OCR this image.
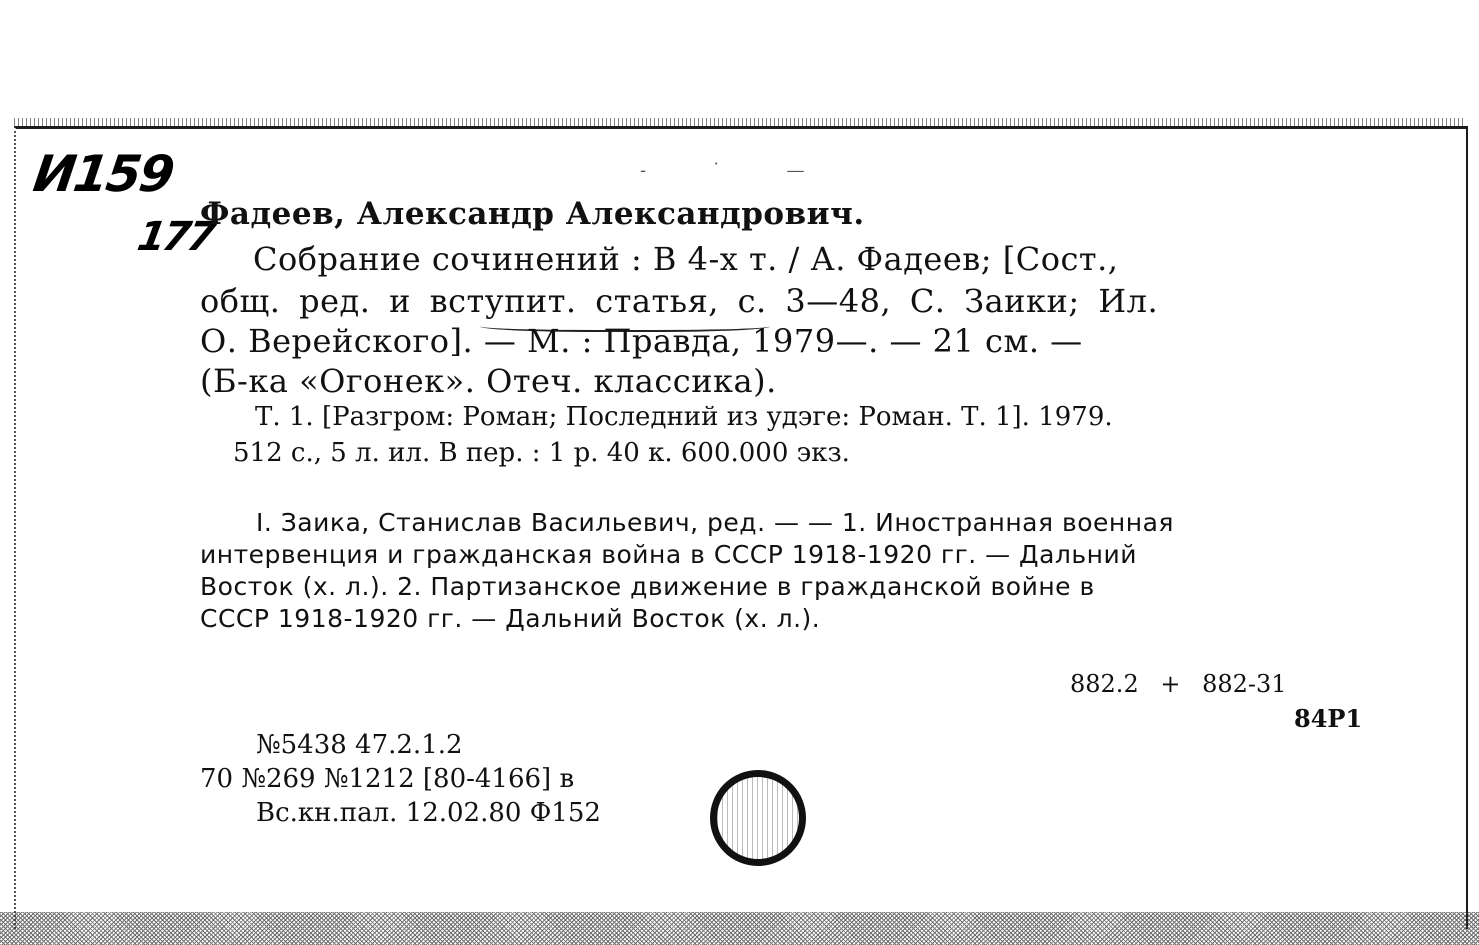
И159
177
- ˙ —
Фадеев, Александр Александрович.
Собрание сочинений : В 4-х т. / А. Фадеев; [Сост.,
общ. ред. и вступит. статья, с. 3—48, С. Заики; Ил.
О. Верейского]. — М. : Правда, 1979—. — 21 см. —
(Б-ка «Огонек». Отеч. классика).
Т. 1. [Разгром: Роман; Последний из удэге: Роман. Т. 1]. 1979.
512 с., 5 л. ил. В пер. : 1 р. 40 к. 600.000 экз.
I. Заика, Станислав Васильевич, ред. — — 1. Иностранная военная
интервенция и гражданская война в СССР 1918-1920 гг. — Дальний
Восток (х. л.). 2. Партизанское движение в гражданской войне в
СССР 1918-1920 гг. — Дальний Восток (х. л.).
882.2 + 882-31
84Р1
№5438 47.2.1.2
70 №269 №1212 [80-4166] в
Вс.кн.пал. 12.02.80 Ф152
